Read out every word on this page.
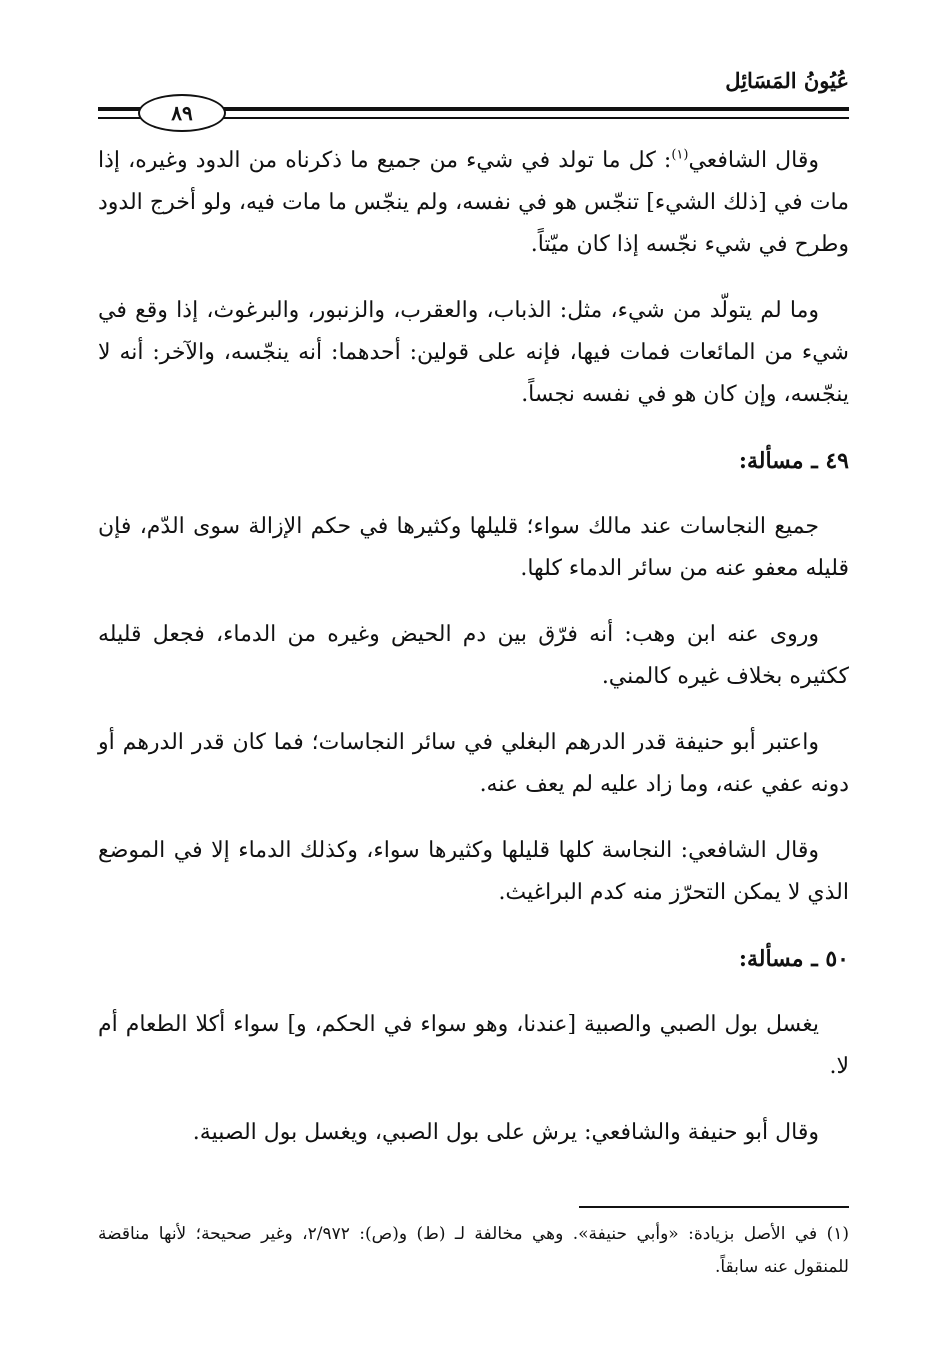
عُيُونُ المَسَائِل
٨٩

وقال الشافعي$^{(١)}$: كل ما تولد في شيء من جميع ما ذكرناه من الدود وغيره، إذا مات في [ذلك الشيء] تنجّس هو في نفسه، ولم ينجّس ما مات فيه، ولو أخرج الدود وطرح في شيء نجّسه إذا كان ميّتاً.

وما لم يتولّد من شيء، مثل: الذباب، والعقرب، والزنبور، والبرغوث، إذا وقع في شيء من المائعات فمات فيها، فإنه على قولين: أحدهما: أنه ينجّسه، والآخر: أنه لا ينجّسه، وإن كان هو في نفسه نجساً.

٤٩ ـ مسألة:

جميع النجاسات عند مالك سواء؛ قليلها وكثيرها في حكم الإزالة سوى الدّم، فإن قليله معفو عنه من سائر الدماء كلها.

وروى عنه ابن وهب: أنه فرّق بين دم الحيض وغيره من الدماء، فجعل قليله ككثيره بخلاف غيره كالمني.

واعتبر أبو حنيفة قدر الدرهم البغلي في سائر النجاسات؛ فما كان قدر الدرهم أو دونه عفي عنه، وما زاد عليه لم يعف عنه.

وقال الشافعي: النجاسة كلها قليلها وكثيرها سواء، وكذلك الدماء إلا في الموضع الذي لا يمكن التحرّز منه كدم البراغيث.

٥٠ ـ مسألة:

يغسل بول الصبي والصبية [عندنا، وهو سواء في الحكم، و] سواء أكلا الطعام أم لا.

وقال أبو حنيفة والشافعي: يرش على بول الصبي، ويغسل بول الصبية.

(١) في الأصل بزيادة: «وأبي حنيفة». وهي مخالفة لـ (ط) و(ص): ٢/٩٧٢، وغير صحيحة؛ لأنها مناقضة للمنقول عنه سابقاً.
